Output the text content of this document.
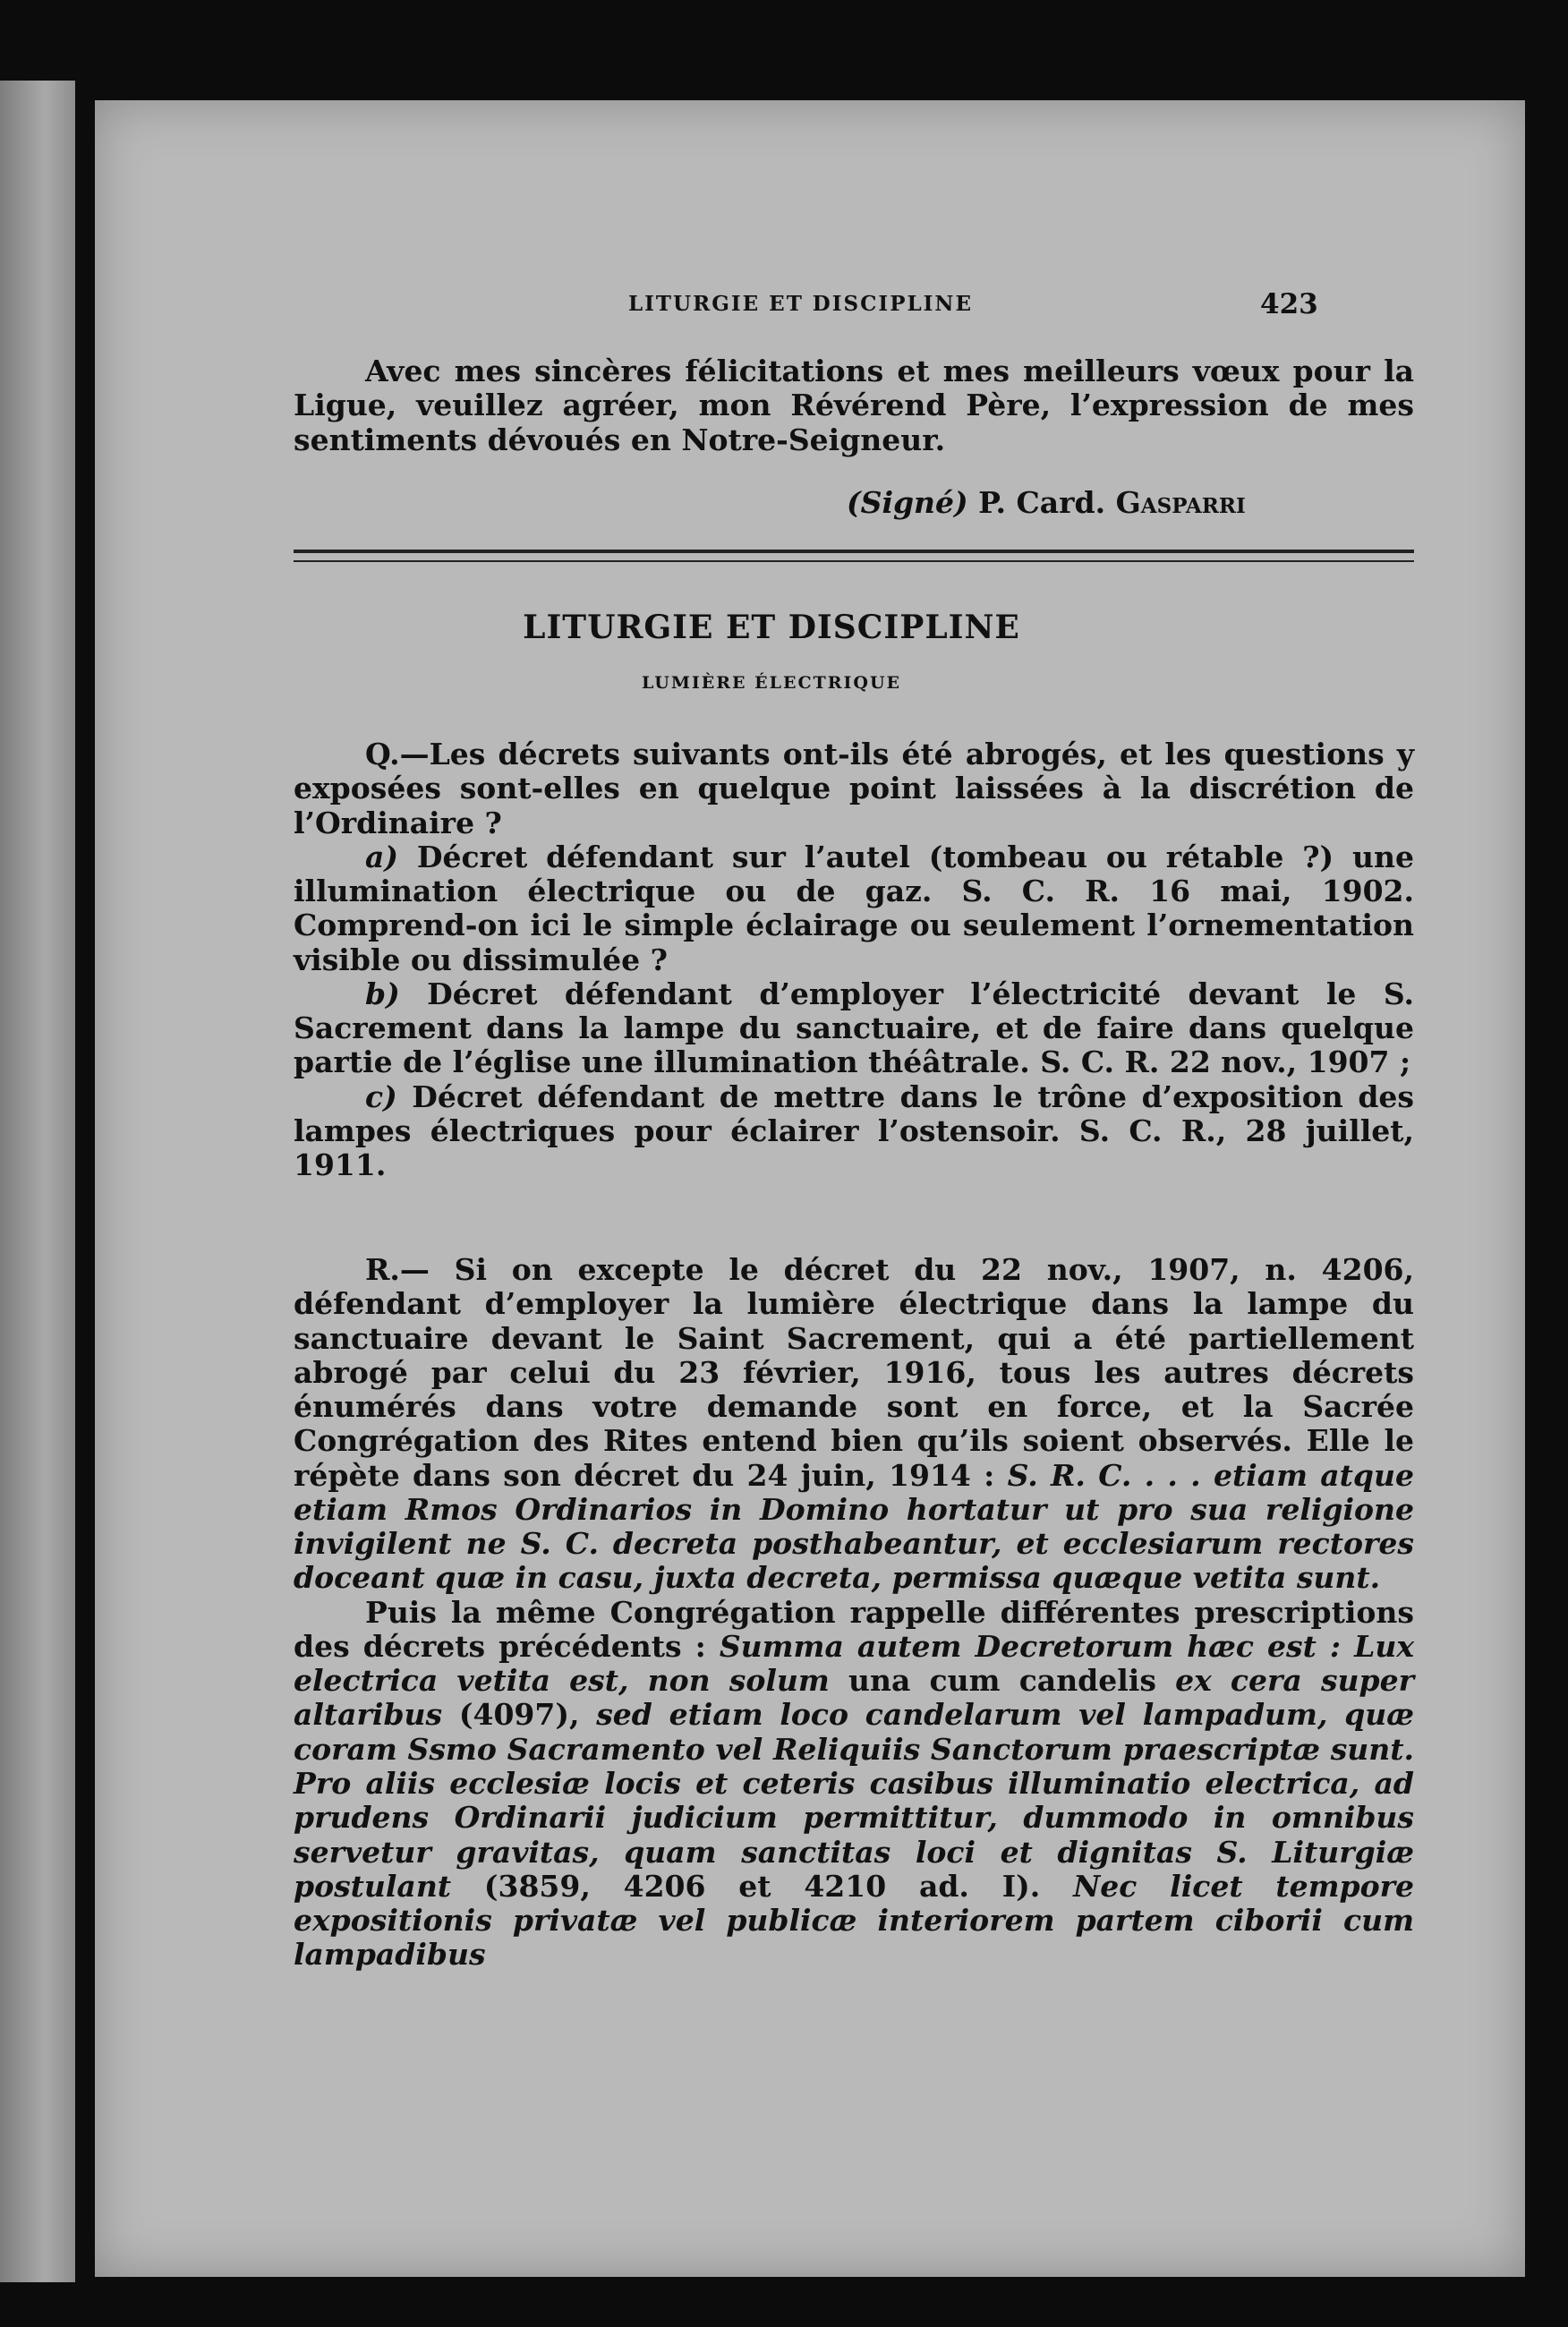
LITURGIE ET DISCIPLINE	423

Avec mes sincères félicitations et mes meilleurs vœux pour la Ligue, veuillez agréer, mon Révérend Père, l’expression de mes sentiments dévoués en Notre-Seigneur.

(Signé) P. Card. Gasparri
LITURGIE ET DISCIPLINE
LUMIÈRE ÉLECTRIQUE

Q.—Les décrets suivants ont-ils été abrogés, et les questions y exposées sont-elles en quelque point laissées à la discrétion de l’Ordinaire ?

a) Décret défendant sur l’autel (tombeau ou rétable ?) une illumination électrique ou de gaz. S. C. R. 16 mai, 1902. Comprend-on ici le simple éclairage ou seulement l’ornementation visible ou dissimulée ?

b) Décret défendant d’employer l’électricité devant le S. Sacrement dans la lampe du sanctuaire, et de faire dans quelque partie de l’église une illumination théâtrale. S. C. R. 22 nov., 1907 ;

c) Décret défendant de mettre dans le trône d’exposition des lampes électriques pour éclairer l’ostensoir. S. C. R., 28 juillet, 1911.

R.— Si on excepte le décret du 22 nov., 1907, n. 4206, défendant d’employer la lumière électrique dans la lampe du sanctuaire devant le Saint Sacrement, qui a été partiellement abrogé par celui du 23 février, 1916, tous les autres décrets énumérés dans votre demande sont en force, et la Sacrée Congrégation des Rites entend bien qu’ils soient observés. Elle le répète dans son décret du 24 juin, 1914 : S. R. C. . . . etiam atque etiam Rmos Ordinarios in Domino hortatur ut pro sua religione invigilent ne S. C. decreta posthabeantur, et ecclesiarum rectores doceant quæ in casu, juxta decreta, permissa quæque vetita sunt.

Puis la même Congrégation rappelle différentes prescriptions des décrets précédents : Summa autem Decretorum hæc est : Lux electrica vetita est, non solum una cum candelis ex cera super altaribus (4097), sed etiam loco candelarum vel lampadum, quæ coram Ssmo Sacramento vel Reliquiis Sanctorum praescriptæ sunt. Pro aliis ecclesiæ locis et ceteris casibus illuminatio electrica, ad prudens Ordinarii judicium permittitur, dummodo in omnibus servetur gravitas, quam sanctitas loci et dignitas S. Liturgiæ postulant (3859, 4206 et 4210 ad. I). Nec licet tempore expositionis privatæ vel publicæ interiorem partem ciborii cum lampadibus
